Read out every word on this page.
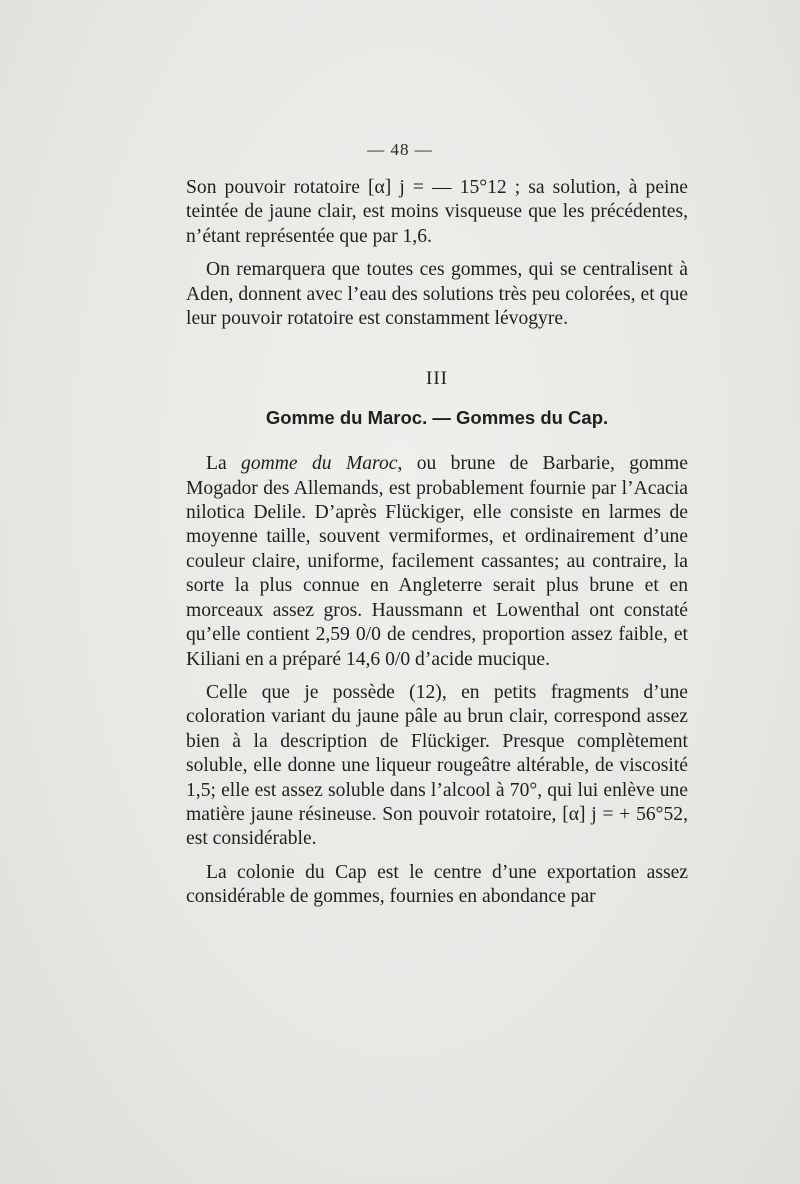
— 48 —

Son pouvoir rotatoire [α] j = — 15°12 ; sa solution, à peine teintée de jaune clair, est moins visqueuse que les précédentes, n’étant représentée que par 1,6.

On remarquera que toutes ces gommes, qui se centralisent à Aden, donnent avec l’eau des solutions très peu colorées, et que leur pouvoir rotatoire est constamment lévogyre.

III
Gomme du Maroc. — Gommes du Cap.

La gomme du Maroc, ou brune de Barbarie, gomme Mogador des Allemands, est probablement fournie par l’Acacia nilotica Delile. D’après Flückiger, elle consiste en larmes de moyenne taille, souvent vermiformes, et ordinairement d’une couleur claire, uniforme, facilement cassantes; au contraire, la sorte la plus connue en Angleterre serait plus brune et en morceaux assez gros. Haussmann et Lowenthal ont constaté qu’elle contient 2,59 0/0 de cendres, proportion assez faible, et Kiliani en a préparé 14,6 0/0 d’acide mucique.

Celle que je possède (12), en petits fragments d’une coloration variant du jaune pâle au brun clair, correspond assez bien à la description de Flückiger. Presque complètement soluble, elle donne une liqueur rougeâtre altérable, de viscosité 1,5; elle est assez soluble dans l’alcool à 70°, qui lui enlève une matière jaune résineuse. Son pouvoir rotatoire, [α] j = + 56°52, est considérable.

La colonie du Cap est le centre d’une exportation assez considérable de gommes, fournies en abondance par
